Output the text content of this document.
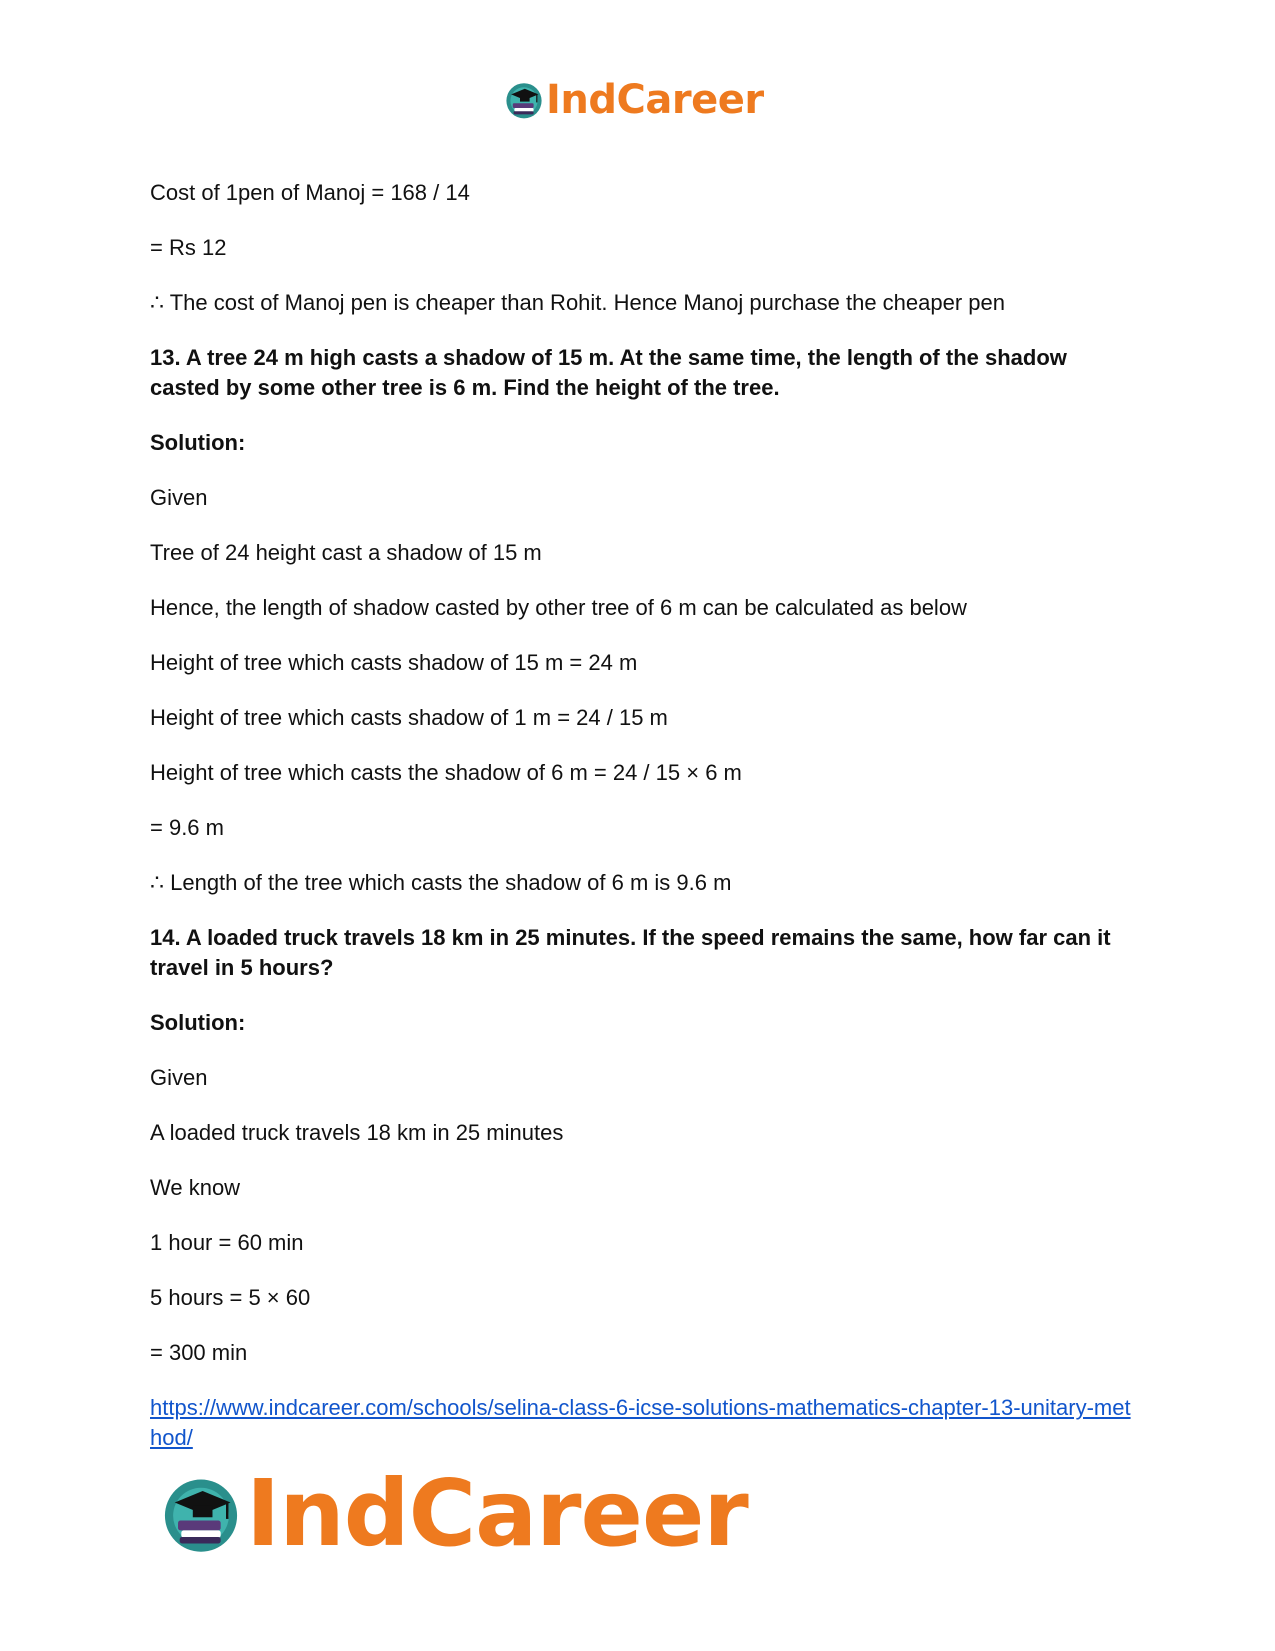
IndCareer

Cost of 1pen of Manoj = 168 / 14

= Rs 12

∴ The cost of Manoj pen is cheaper than Rohit. Hence Manoj purchase the cheaper pen

13. A tree 24 m high casts a shadow of 15 m. At the same time, the length of the shadow casted by some other tree is 6 m. Find the height of the tree.

Solution:

Given

Tree of 24 height cast a shadow of 15 m

Hence, the length of shadow casted by other tree of 6 m can be calculated as below

Height of tree which casts shadow of 15 m = 24 m

Height of tree which casts shadow of 1 m = 24 / 15 m

Height of tree which casts the shadow of 6 m = 24 / 15 × 6 m

= 9.6 m

∴ Length of the tree which casts the shadow of 6 m is 9.6 m

14. A loaded truck travels 18 km in 25 minutes. If the speed remains the same, how far can it travel in 5 hours?

Solution:

Given

A loaded truck travels 18 km in 25 minutes

We know

1 hour = 60 min

5 hours = 5 × 60

= 300 min

https://www.indcareer.com/schools/selina-class-6-icse-solutions-mathematics-chapter-13-unitary-method/

IndCareer
